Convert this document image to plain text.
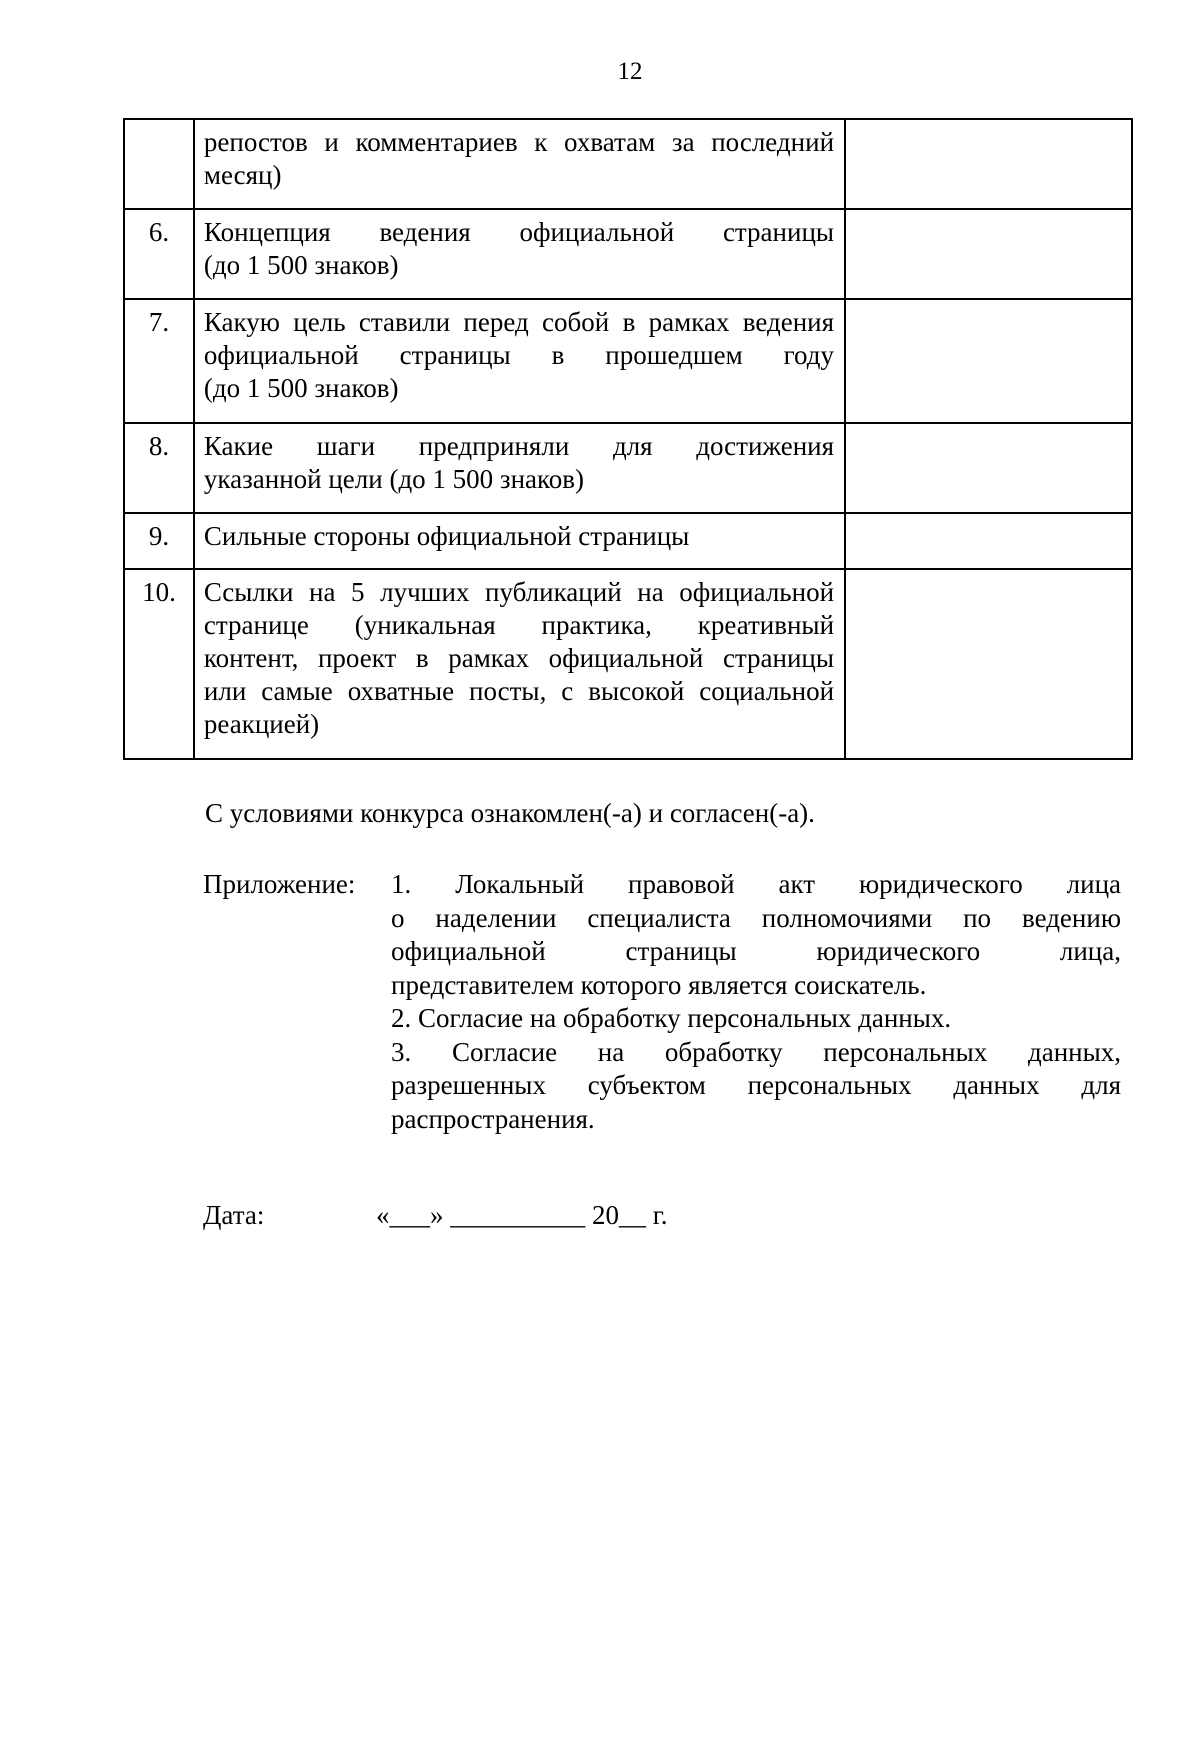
12

	репостов и комментариев к охватам за последний
месяц)	
6.	Концепция ведения официальной страницы
(до 1 500 знаков)	
7.	Какую цель ставили перед собой в рамках ведения
официальной страницы в прошедшем году
(до 1 500 знаков)	
8.	Какие шаги предприняли для достижения
указанной цели (до 1 500 знаков)	
9.	Сильные стороны официальной страницы	
10.	Ссылки на 5 лучших публикаций на официальной
странице (уникальная практика, креативный
контент, проект в рамках официальной страницы
или самые охватные посты, с высокой социальной
реакцией)	
С условиями конкурса ознакомлен(-а) и согласен(-а).
Приложение: 1. Локальный правовой акт юридического лица
о наделении специалиста полномочиями по ведению
официальной страницы юридического лица,
представителем которого является соискатель.
2. Согласие на обработку персональных данных.
3. Согласие на обработку персональных данных,
разрешенных субъектом персональных данных для
распространения.
Дата:	«___» __________ 20__ г.
